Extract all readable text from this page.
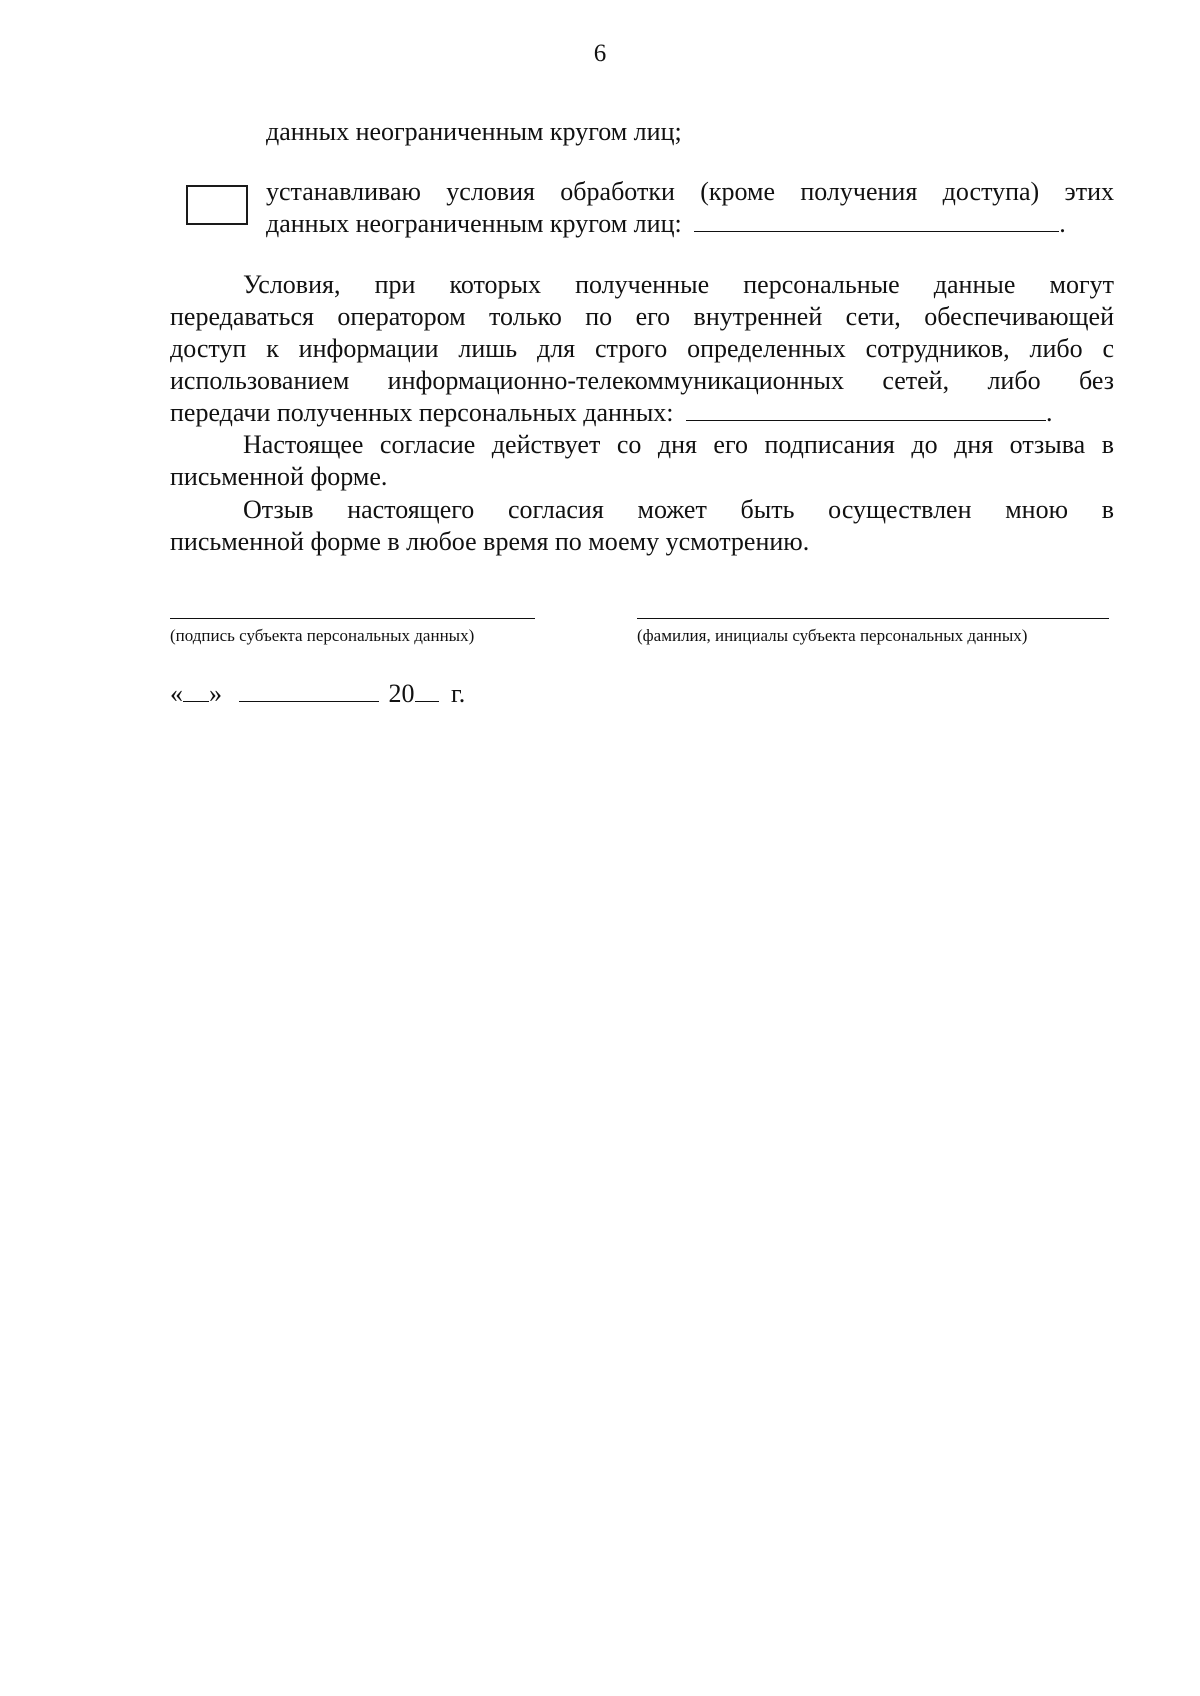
6
данных неограниченным кругом лиц;
устанавливаю условия обработки (кроме получения доступа) этих
данных неограниченным кругом лиц:	.
Условия, при которых полученные персональные данные могут
передаваться оператором только по его внутренней сети, обеспечивающей
доступ к информации лишь для строго определенных сотрудников, либо с
использованием информационно-телекоммуникационных сетей, либо без
передачи полученных персональных данных:	.
Настоящее согласие действует со дня его подписания до дня отзыва в
письменной форме.
Отзыв настоящего согласия может быть осуществлен мною в
письменной форме в любое время по моему усмотрению.
(подпись субъекта персональных данных)	(фамилия, инициалы субъекта персональных данных)
« »	20 г.
